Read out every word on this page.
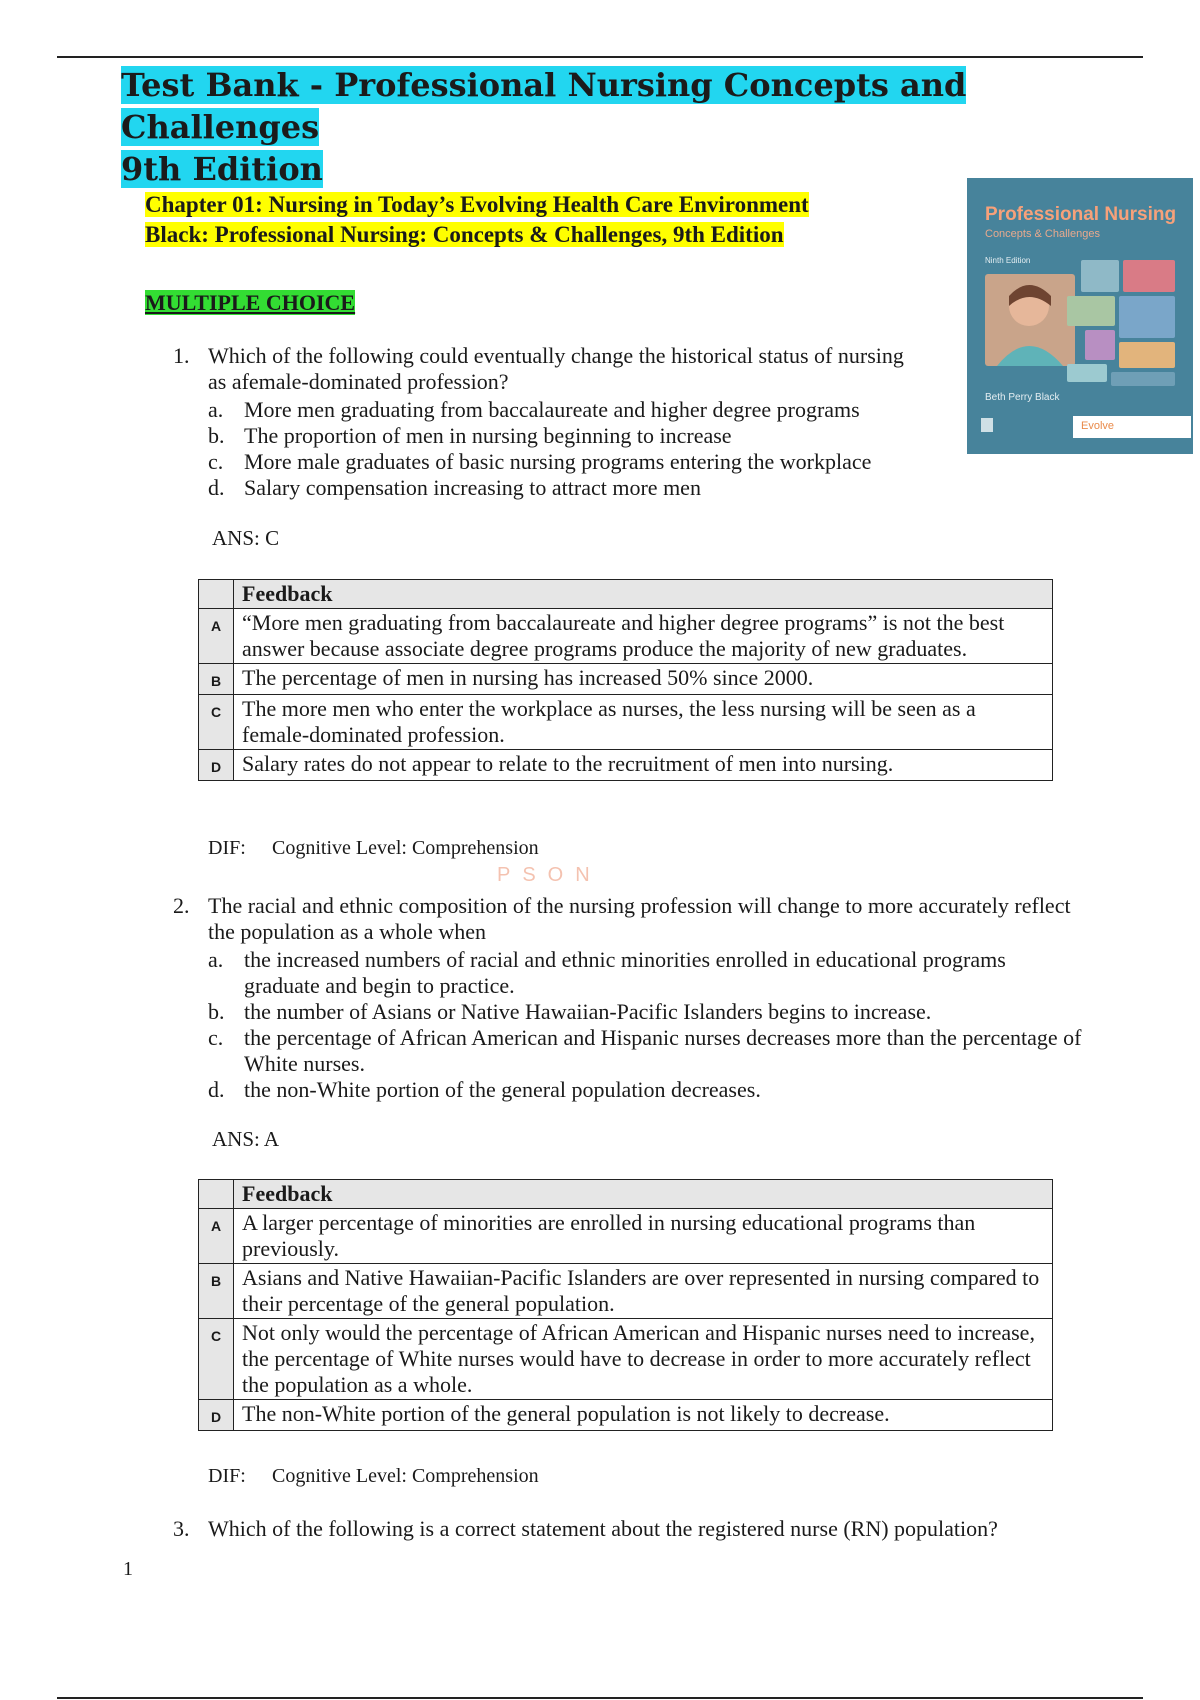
Test Bank - Professional Nursing Concepts and Challenges
9th Edition
Chapter 01: Nursing in Today’s Evolving Health Care Environment
Black: Professional Nursing: Concepts & Challenges, 9th Edition
Professional Nursing
Concepts & Challenges
Ninth Edition
Beth Perry Black
Evolve
MULTIPLE CHOICE
1. Which of the following could eventually change the historical status of nursing as afemale-dominated profession?
a. More men graduating from baccalaureate and higher degree programs
b. The proportion of men in nursing beginning to increase
c. More male graduates of basic nursing programs entering the workplace
d. Salary compensation increasing to attract more men
ANS: C
	Feedback
A	“More men graduating from baccalaureate and higher degree programs” is not the best answer because associate degree programs produce the majority of new graduates.
B	The percentage of men in nursing has increased 50% since 2000.
C	The more men who enter the workplace as nurses, the less nursing will be seen as a female-dominated profession.
D	Salary rates do not appear to relate to the recruitment of men into nursing.
DIF: Cognitive Level: Comprehension
PSON
2. The racial and ethnic composition of the nursing profession will change to more accurately reflect the population as a whole when
a. the increased numbers of racial and ethnic minorities enrolled in educational programs graduate and begin to practice.
b. the number of Asians or Native Hawaiian-Pacific Islanders begins to increase.
c. the percentage of African American and Hispanic nurses decreases more than the percentage of White nurses.
d. the non-White portion of the general population decreases.
ANS: A
	Feedback
A	A larger percentage of minorities are enrolled in nursing educational programs than previously.
B	Asians and Native Hawaiian-Pacific Islanders are over represented in nursing compared to their percentage of the general population.
C	Not only would the percentage of African American and Hispanic nurses need to increase, the percentage of White nurses would have to decrease in order to more accurately reflect the population as a whole.
D	The non-White portion of the general population is not likely to decrease.
DIF: Cognitive Level: Comprehension
3. Which of the following is a correct statement about the registered nurse (RN) population?
1
